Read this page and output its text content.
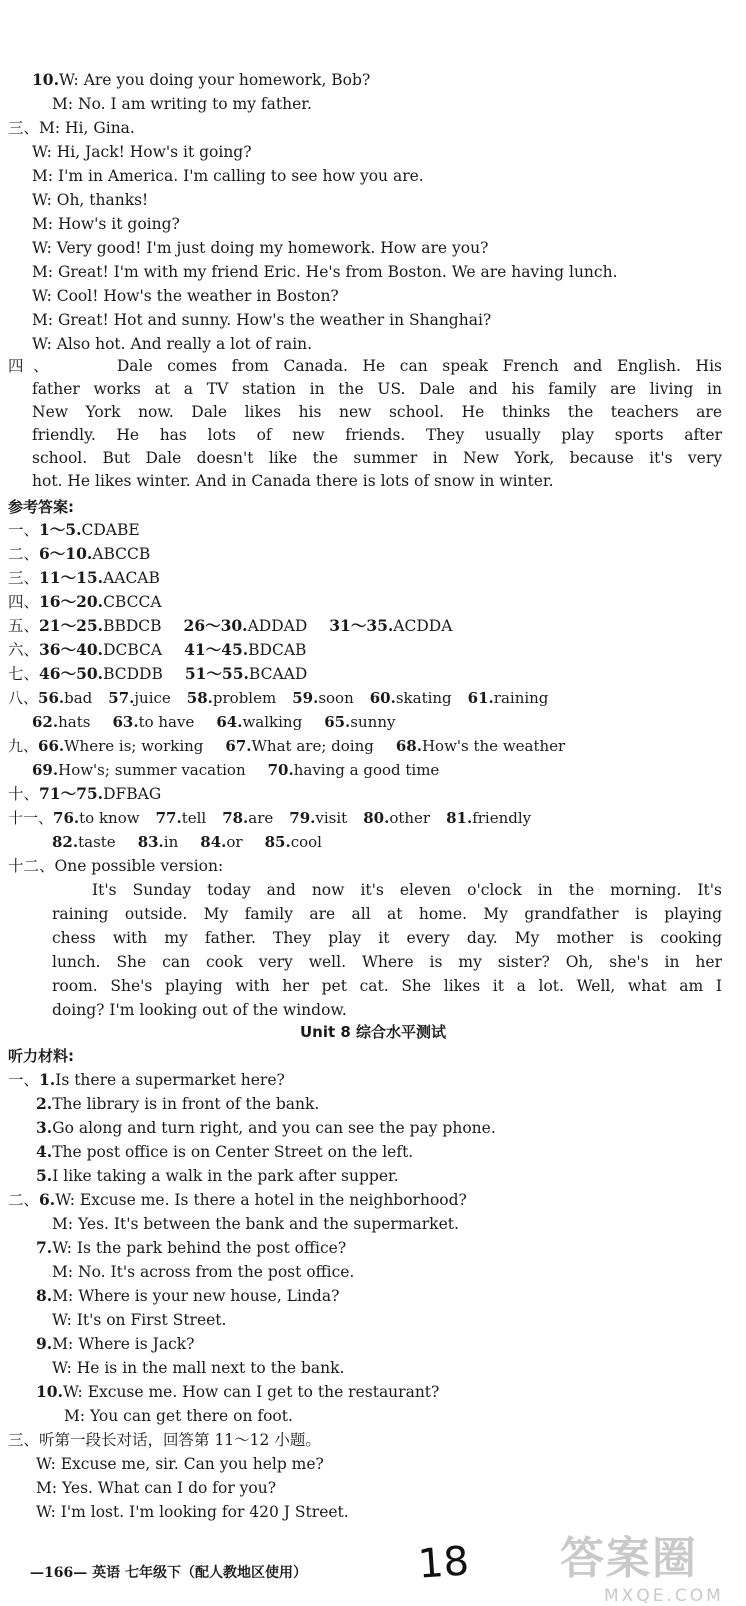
10.W: Are you doing your homework, Bob?
M: No. I am writing to my father.
三、M: Hi, Gina.
W: Hi, Jack! How's it going?
M: I'm in America. I'm calling to see how you are.
W: Oh, thanks!
M: How's it going?
W: Very good! I'm just doing my homework. How are you?
M: Great! I'm with my friend Eric. He's from Boston. We are having lunch.
W: Cool! How's the weather in Boston?
M: Great! Hot and sunny. How's the weather in Shanghai?
W: Also hot. And really a lot of rain.
四、    Dale comes from Canada. He can speak French and English. His
father works at a TV station in the US. Dale and his family are living in
New York now. Dale likes his new school. He thinks the teachers are
friendly. He has lots of new friends. They usually play sports after
school. But Dale doesn't like the summer in New York, because it's very
hot. He likes winter. And in Canada there is lots of snow in winter.
参考答案:
一、1～5.CDABE
二、6～10.ABCCB
三、11～15.AACAB
四、16～20.CBCCA
五、21～25.BBDCB 26～30.ADDAD 31～35.ACDDA
六、36～40.DCBCA 41～45.BDCAB
七、46～50.BCDDB 51～55.BCAAD
八、56.bad 57.juice 58.problem 59.soon 60.skating 61.raining
62.hats 63.to have 64.walking 65.sunny
九、66.Where is; working 67.What are; doing 68.How's the weather
69.How's; summer vacation 70.having a good time
十、71～75.DFBAG
十一、76.to know 77.tell 78.are 79.visit 80.other 81.friendly
82.taste 83.in 84.or 85.cool
十二、One possible version:
It's Sunday today and now it's eleven o'clock in the morning. It's
raining outside. My family are all at home. My grandfather is playing
chess with my father. They play it every day. My mother is cooking
lunch. She can cook very well. Where is my sister? Oh, she's in her
room. She's playing with her pet cat. She likes it a lot. Well, what am I
doing? I'm looking out of the window.
Unit 8 综合水平测试
听力材料:
一、1.Is there a supermarket here?
2.The library is in front of the bank.
3.Go along and turn right, and you can see the pay phone.
4.The post office is on Center Street on the left.
5.I like taking a walk in the park after supper.
二、6.W: Excuse me. Is there a hotel in the neighborhood?
M: Yes. It's between the bank and the supermarket.
7.W: Is the park behind the post office?
M: No. It's across from the post office.
8.M: Where is your new house, Linda?
W: It's on First Street.
9.M: Where is Jack?
W: He is in the mall next to the bank.
10.W: Excuse me. How can I get to the restaurant?
M: You can get there on foot.
三、听第一段长对话，回答第 11～12 小题。
W: Excuse me, sir. Can you help me?
M: Yes. What can I do for you?
W: I'm lost. I'm looking for 420 J Street.
—166— 英语 七年级下（配人教地区使用）	18 答案圈
MXQE.COM
